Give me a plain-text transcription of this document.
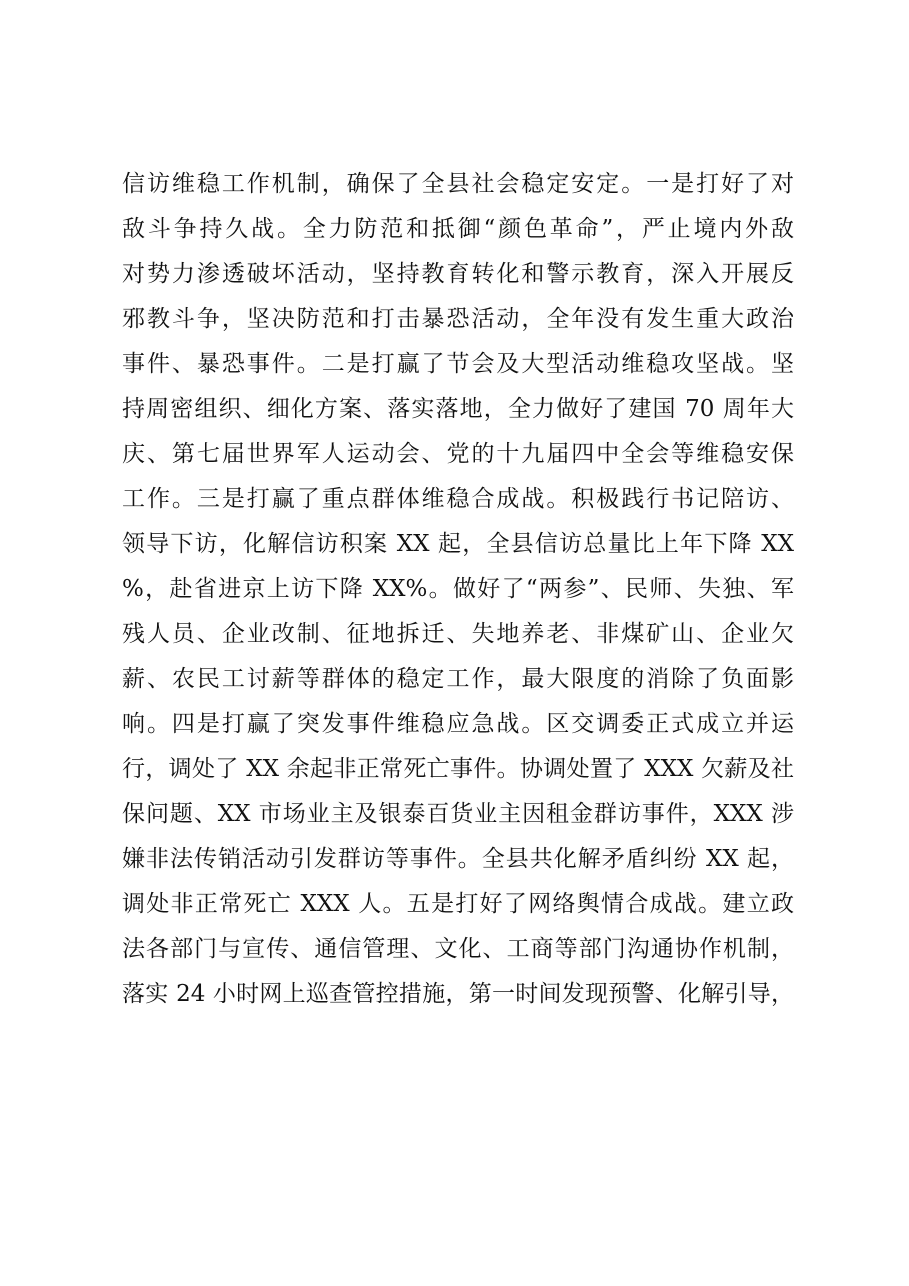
信访维稳工作机制，确保了全县社会稳定安定。一是打好了对
敌斗争持久战。全力防范和抵御“颜色革命”，严止境内外敌
对势力渗透破坏活动，坚持教育转化和警示教育，深入开展反
邪教斗争，坚决防范和打击暴恐活动，全年没有发生重大政治
事件、暴恐事件。二是打赢了节会及大型活动维稳攻坚战。坚
持周密组织、细化方案、落实落地，全力做好了建国 70 周年大
庆、第七届世界军人运动会、党的十九届四中全会等维稳安保
工作。三是打赢了重点群体维稳合成战。积极践行书记陪访、
领导下访，化解信访积案 XX 起，全县信访总量比上年下降 XX
%，赴省进京上访下降 XX%。做好了“两参”、民师、失独、军
残人员、企业改制、征地拆迁、失地养老、非煤矿山、企业欠
薪、农民工讨薪等群体的稳定工作，最大限度的消除了负面影
响。四是打赢了突发事件维稳应急战。区交调委正式成立并运
行，调处了 XX 余起非正常死亡事件。协调处置了 XXX 欠薪及社
保问题、XX 市场业主及银泰百货业主因租金群访事件，XXX 涉
嫌非法传销活动引发群访等事件。全县共化解矛盾纠纷 XX 起，
调处非正常死亡 XXX 人。五是打好了网络舆情合成战。建立政
法各部门与宣传、通信管理、文化、工商等部门沟通协作机制，
落实 24 小时网上巡查管控措施，第一时间发现预警、化解引导，
